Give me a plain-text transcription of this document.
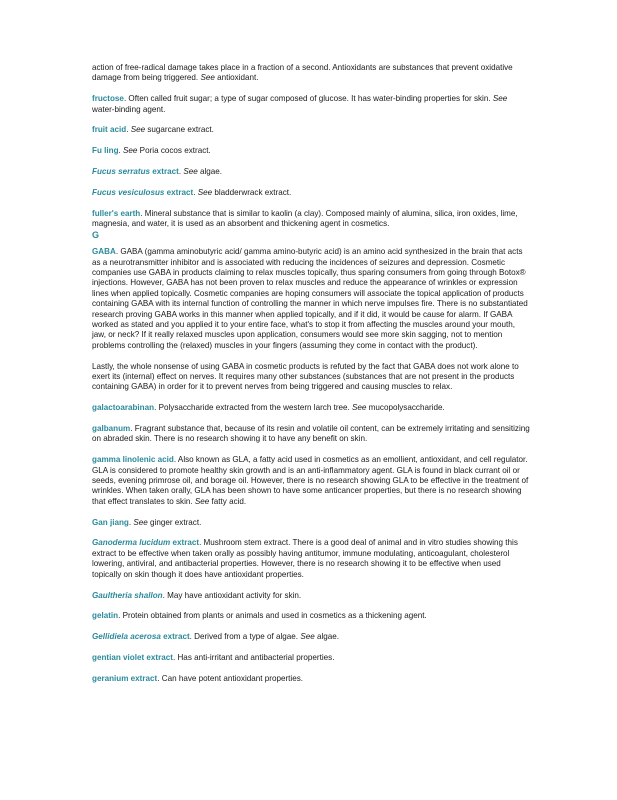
action of free-radical damage takes place in a fraction of a second. Antioxidants are substances that prevent oxidative damage from being triggered. See antioxidant.

fructose. Often called fruit sugar; a type of sugar composed of glucose. It has water-binding properties for skin. See water-binding agent.

fruit acid. See sugarcane extract.

Fu ling. See Poria cocos extract.

Fucus serratus extract. See algae.

Fucus vesiculosus extract. See bladderwrack extract.

fuller's earth. Mineral substance that is similar to kaolin (a clay). Composed mainly of alumina, silica, iron oxides, lime, magnesia, and water, it is used as an absorbent and thickening agent in cosmetics.

G

GABA. GABA (gamma aminobutyric acid/ gamma amino-butyric acid) is an amino acid synthesized in the brain that acts as a neurotransmitter inhibitor and is associated with reducing the incidences of seizures and depression. Cosmetic companies use GABA in products claiming to relax muscles topically, thus sparing consumers from going through Botox® injections. However, GABA has not been proven to relax muscles and reduce the appearance of wrinkles or expression lines when applied topically. Cosmetic companies are hoping consumers will associate the topical application of products containing GABA with its internal function of controlling the manner in which nerve impulses fire. There is no substantiated research proving GABA works in this manner when applied topically, and if it did, it would be cause for alarm. If GABA worked as stated and you applied it to your entire face, what's to stop it from affecting the muscles around your mouth, jaw, or neck? If it really relaxed muscles upon application, consumers would see more skin sagging, not to mention problems controlling the (relaxed) muscles in your fingers (assuming they come in contact with the product).

Lastly, the whole nonsense of using GABA in cosmetic products is refuted by the fact that GABA does not work alone to exert its (internal) effect on nerves. It requires many other substances (substances that are not present in the products containing GABA) in order for it to prevent nerves from being triggered and causing muscles to relax.

galactoarabinan. Polysaccharide extracted from the western larch tree. See mucopolysaccharide.

galbanum. Fragrant substance that, because of its resin and volatile oil content, can be extremely irritating and sensitizing on abraded skin. There is no research showing it to have any benefit on skin.

gamma linolenic acid. Also known as GLA, a fatty acid used in cosmetics as an emollient, antioxidant, and cell regulator. GLA is considered to promote healthy skin growth and is an anti-inflammatory agent. GLA is found in black currant oil or seeds, evening primrose oil, and borage oil. However, there is no research showing GLA to be effective in the treatment of wrinkles. When taken orally, GLA has been shown to have some anticancer properties, but there is no research showing that effect translates to skin. See fatty acid.

Gan jiang. See ginger extract.

Ganoderma lucidum extract. Mushroom stem extract. There is a good deal of animal and in vitro studies showing this extract to be effective when taken orally as possibly having antitumor, immune modulating, anticoagulant, cholesterol lowering, antiviral, and antibacterial properties. However, there is no research showing it to be effective when used topically on skin though it does have antioxidant properties.

Gaultheria shallon. May have antioxidant activity for skin.

gelatin. Protein obtained from plants or animals and used in cosmetics as a thickening agent.

Gellidiela acerosa extract. Derived from a type of algae. See algae.

gentian violet extract. Has anti-irritant and antibacterial properties.

geranium extract. Can have potent antioxidant properties.
